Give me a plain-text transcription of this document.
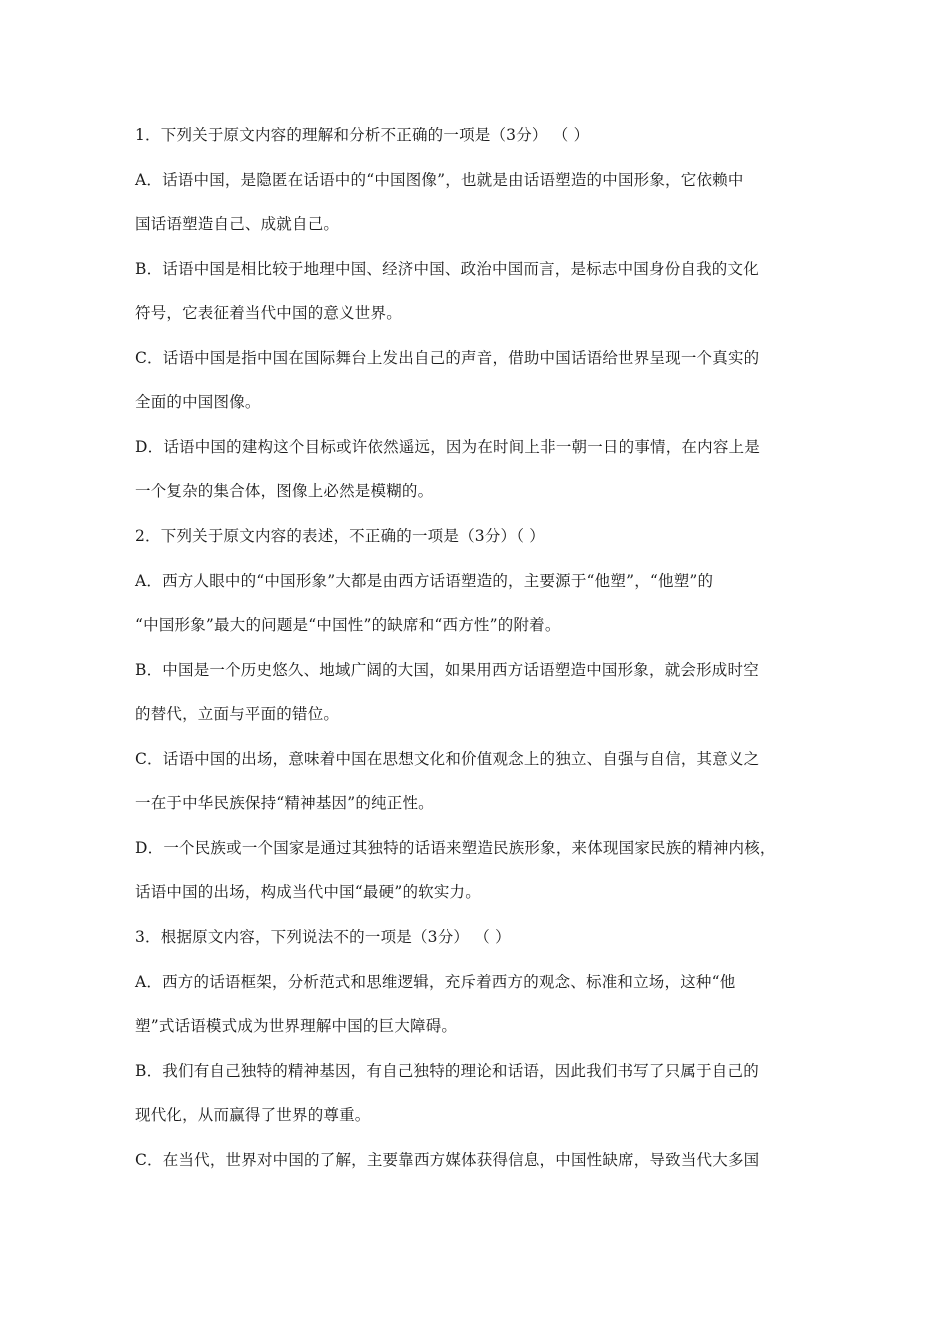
1．下列关于原文内容的理解和分析不正确的一项是（3分） （ ）
A．话语中国，是隐匿在话语中的“中国图像”，也就是由话语塑造的中国形象，它依赖中
国话语塑造自己、成就自己。
B．话语中国是相比较于地理中国、经济中国、政治中国而言，是标志中国身份自我的文化
符号，它表征着当代中国的意义世界。
C．话语中国是指中国在国际舞台上发出自己的声音，借助中国话语给世界呈现一个真实的
全面的中国图像。
D．话语中国的建构这个目标或许依然遥远，因为在时间上非一朝一日的事情，在内容上是
一个复杂的集合体，图像上必然是模糊的。
2．下列关于原文内容的表述，不正确的一项是（3分）（ ）
A．西方人眼中的“中国形象”大都是由西方话语塑造的，主要源于“他塑”，“他塑”的
“中国形象”最大的问题是“中国性”的缺席和“西方性”的附着。
B．中国是一个历史悠久、地域广阔的大国，如果用西方话语塑造中国形象，就会形成时空
的替代，立面与平面的错位。
C．话语中国的出场，意味着中国在思想文化和价值观念上的独立、自强与自信，其意义之
一在于中华民族保持“精神基因”的纯正性。
D．一个民族或一个国家是通过其独特的话语来塑造民族形象，来体现国家民族的精神内核，
话语中国的出场，构成当代中国“最硬”的软实力。
3．根据原文内容，下列说法不的一项是（3分） （ ）
A．西方的话语框架，分析范式和思维逻辑，充斥着西方的观念、标准和立场，这种“他
塑”式话语模式成为世界理解中国的巨大障碍。
B．我们有自己独特的精神基因，有自己独特的理论和话语，因此我们书写了只属于自己的
现代化，从而赢得了世界的尊重。
C．在当代，世界对中国的了解，主要靠西方媒体获得信息，中国性缺席，导致当代大多国
